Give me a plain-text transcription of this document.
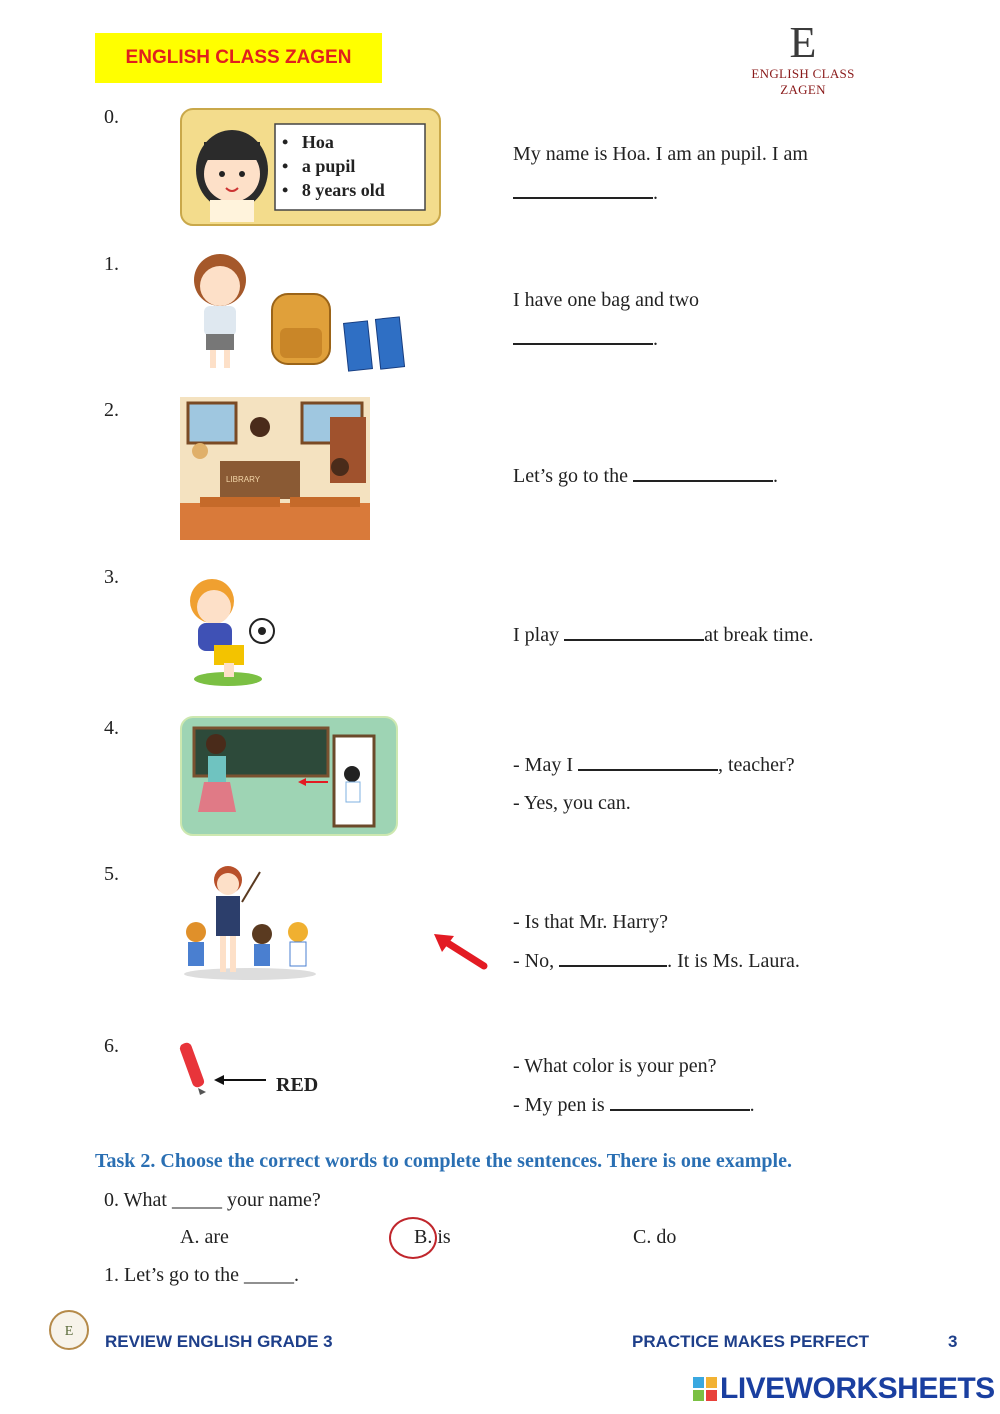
ENGLISH CLASS ZAGEN	E
ENGLISH CLASS ZAGEN
0.
•   Hoa
•   a pupil
•   8 years old
My name is Hoa. I am an pupil. I am
.
1.
I have one bag and two
.
2.
LIBRARY	Let’s go to the	.
3.
I play	at break time.
4.
- May I	, teacher?
- Yes, you can.
5.
- Is that Mr. Harry?
- No,	. It is Ms. Laura.
6.
RED
- What color is your pen?
- My pen is	.
Task 2. Choose the correct words to complete the sentences. There is one example.
0. What _____ your name?
A. are	B. is	C. do
1. Let’s go to the _____.
E
REVIEW ENGLISH GRADE 3	PRACTICE MAKES PERFECT	3
LIVEWORKSHEETS
